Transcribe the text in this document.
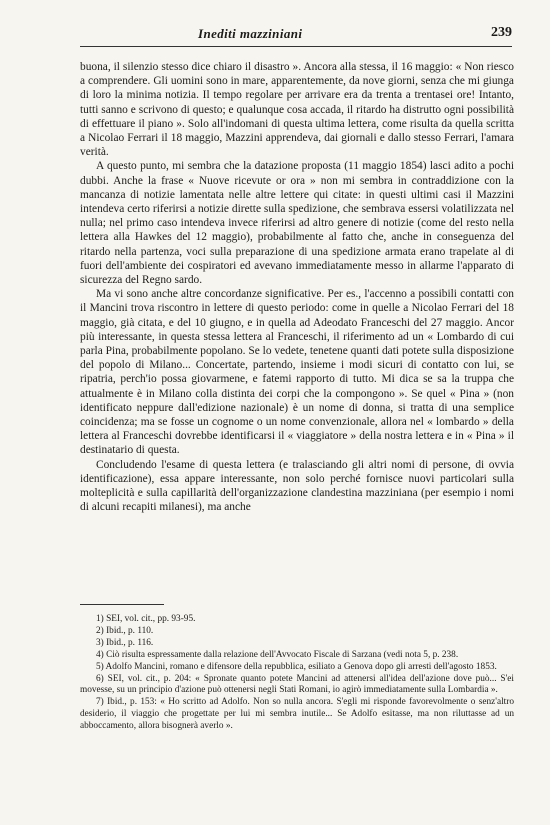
Inediti mazziniani	239

buona, il silenzio stesso dice chiaro il disastro ». Ancora alla stessa, il 16 maggio: « Non riesco a comprendere. Gli uomini sono in mare, apparentemente, da nove giorni, senza che mi giunga di loro la minima notizia. Il tempo regolare per arrivare era da trenta a trentasei ore! Intanto, tutti sanno e scrivono di questo; e qualunque cosa accada, il ritardo ha distrutto ogni possibilità di effettuare il piano ». Solo all'indomani di questa ultima lettera, come risulta da quella scritta a Nicolao Ferrari il 18 maggio, Mazzini apprendeva, dai giornali e dallo stesso Ferrari, l'amara verità.

A questo punto, mi sembra che la datazione proposta (11 maggio 1854) lasci adito a pochi dubbi. Anche la frase « Nuove ricevute or ora » non mi sembra in contraddizione con la mancanza di notizie lamentata nelle altre lettere qui citate: in questi ultimi casi il Mazzini intendeva certo riferirsi a notizie dirette sulla spedizione, che sembrava essersi volatilizzata nel nulla; nel primo caso intendeva invece riferirsi ad altro genere di notizie (come del resto nella lettera alla Hawkes del 12 maggio), probabilmente al fatto che, anche in conseguenza del ritardo nella partenza, voci sulla preparazione di una spedizione armata erano trapelate al di fuori dell'ambiente dei cospiratori ed avevano immediatamente messo in allarme l'apparato di sicurezza del Regno sardo.

Ma vi sono anche altre concordanze significative. Per es., l'accenno a possibili contatti con il Mancini trova riscontro in lettere di questo periodo: come in quelle a Nicolao Ferrari del 18 maggio, già citata, e del 10 giugno, e in quella ad Adeodato Franceschi del 27 maggio. Ancor più interessante, in questa stessa lettera al Franceschi, il riferimento ad un « Lombardo di cui parla Pina, probabilmente popolano. Se lo vedete, tenetene quanti dati potete sulla disposizione del popolo di Milano... Concertate, partendo, insieme i modi sicuri di contatto con lui, se ripatria, perch'io possa giovarmene, e fatemi rapporto di tutto. Mi dica se sa la truppa che attualmente è in Milano colla distinta dei corpi che la compongono ». Se quel « Pina » (non identificato neppure dall'edizione nazionale) è un nome di donna, si tratta di una semplice coincidenza; ma se fosse un cognome o un nome convenzionale, allora nel « lombardo » della lettera al Franceschi dovrebbe identificarsi il « viaggiatore » della nostra lettera e in « Pina » il destinatario di questa.

Concludendo l'esame di questa lettera (e tralasciando gli altri nomi di persone, di ovvia identificazione), essa appare interessante, non solo perché fornisce nuovi particolari sulla molteplicità e sulla capillarità dell'organizzazione clandestina mazziniana (per esempio i nomi di alcuni recapiti milanesi), ma anche

1) SEI, vol. cit., pp. 93-95.

2) Ibid., p. 110.

3) Ibid., p. 116.

4) Ciò risulta espressamente dalla relazione dell'Avvocato Fiscale di Sarzana (vedi nota 5, p. 238.

5) Adolfo Mancini, romano e difensore della repubblica, esiliato a Genova dopo gli arresti dell'agosto 1853.

6) SEI, vol. cit., p. 204: « Spronate quanto potete Mancini ad attenersi all'idea dell'azione dove può... S'ei movesse, su un principio d'azione può ottenersi negli Stati Romani, io agirò immediatamente sulla Lombardia ».

7) Ibid., p. 153: « Ho scritto ad Adolfo. Non so nulla ancora. S'egli mi risponde favorevolmente o senz'altro desiderio, il viaggio che progettate per lui mi sembra inutile... Se Adolfo esitasse, ma non riluttasse ad un abboccamento, allora bisognerà averlo ».
